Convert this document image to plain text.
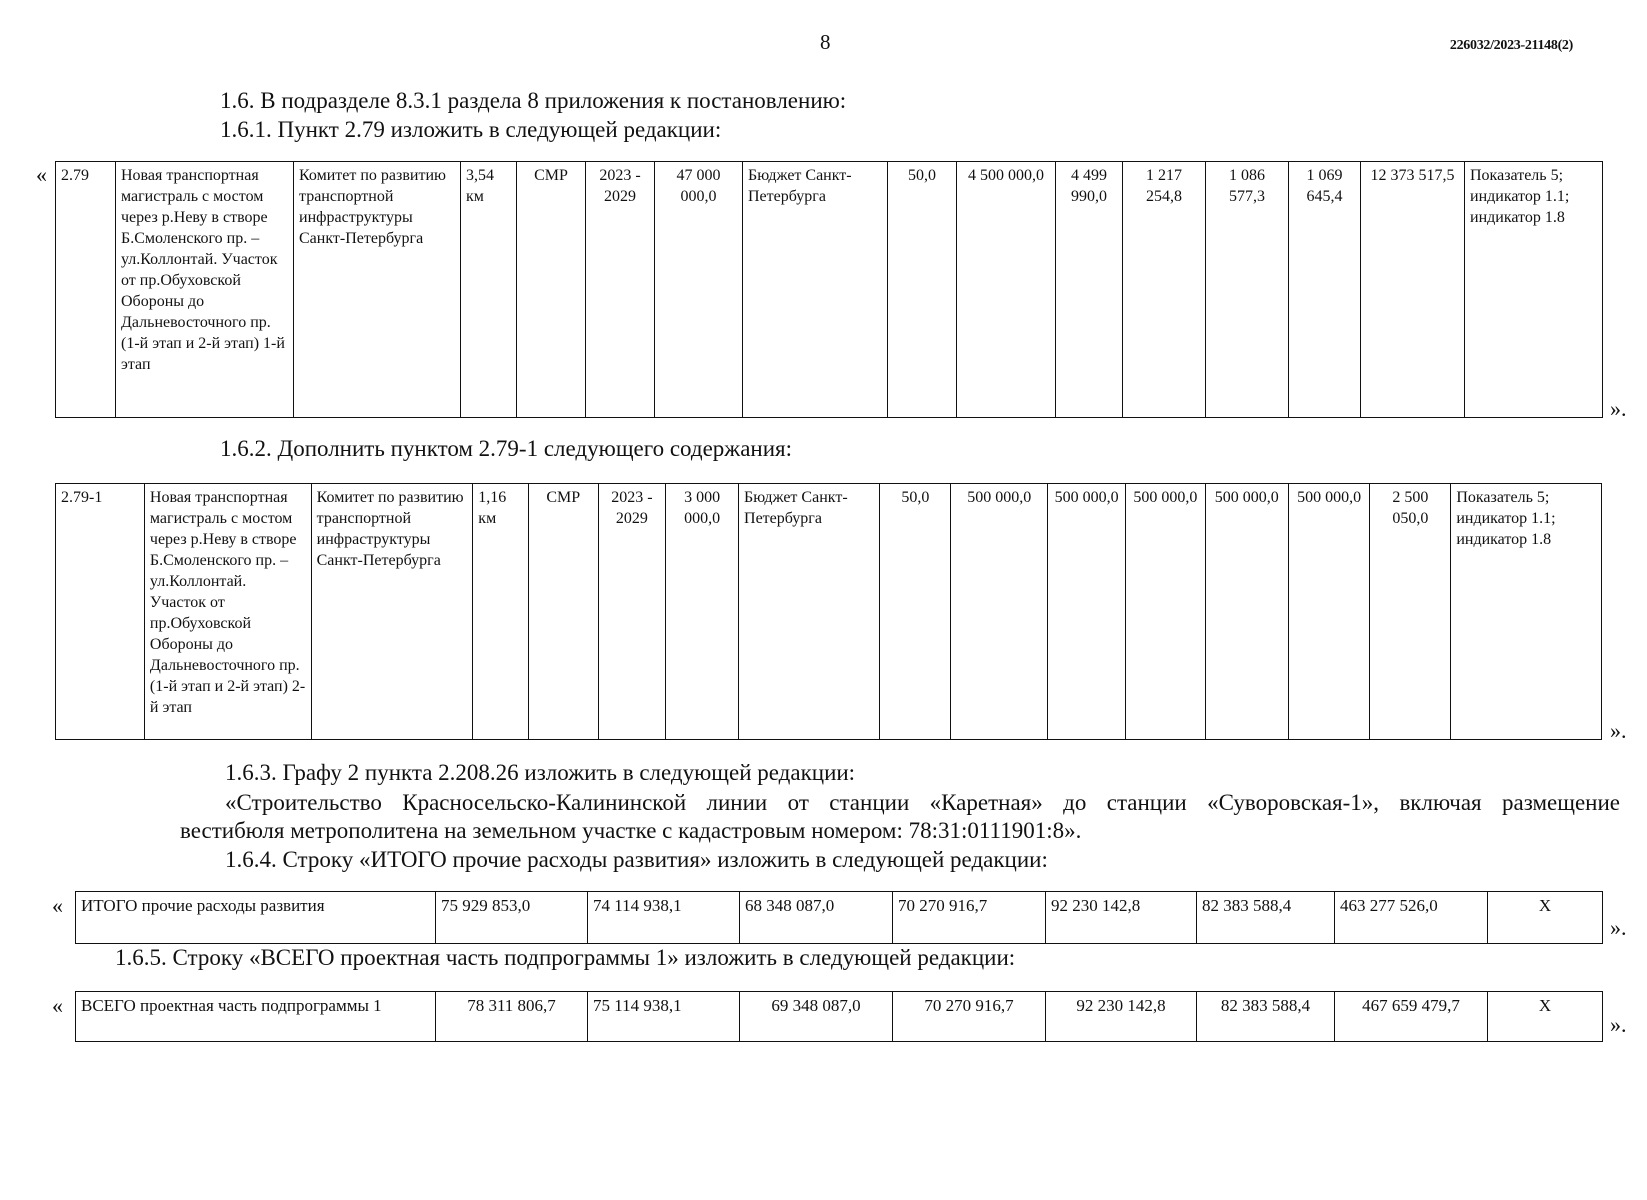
8	226032/2023-21148(2)
1.6. В подразделе 8.3.1 раздела 8 приложения к постановлению:
1.6.1. Пункт 2.79 изложить в следующей редакции:
« 2.79	Новая транспортная магистраль с мостом через р.Неву в створе Б.Смоленского пр. – ул.Коллонтай. Участок от пр.Обуховской Обороны до Дальневосточного пр. (1-й этап и 2-й этап) 1-й этап	Комитет по развитию транспортной инфраструктуры Санкт-Петербурга	3,54 км	СМР	2023 - 2029	47 000 000,0	Бюджет Санкт-Петербурга	50,0	4 500 000,0	4 499 990,0	1 217 254,8	1 086 577,3	1 069 645,4	12 373 517,5	Показатель 5; индикатор 1.1; индикатор 1.8
».
1.6.2. Дополнить пунктом 2.79-1 следующего содержания:
2.79-1	Новая транспортная магистраль с мостом через р.Неву в створе Б.Смоленского пр. – ул.Коллонтай. Участок от пр.Обуховской Обороны до Дальневосточного пр. (1-й этап и 2-й этап) 2-й этап	Комитет по развитию транспортной инфраструктуры Санкт-Петербурга	1,16 км	СМР	2023 - 2029	3 000 000,0	Бюджет Санкт-Петербурга	50,0	500 000,0	500 000,0	500 000,0	500 000,0	500 000,0	2 500 050,0	Показатель 5; индикатор 1.1; индикатор 1.8
».
1.6.3. Графу 2 пункта 2.208.26 изложить в следующей редакции:
«Строительство Красносельско-Калининской линии от станции «Каретная» до станции «Суворовская-1», включая размещение
вестибюля метрополитена на земельном участке с кадастровым номером: 78:31:0111901:8».
1.6.4. Строку «ИТОГО прочие расходы развития» изложить в следующей редакции:
« ИТОГО прочие расходы развития	75 929 853,0	74 114 938,1	68 348 087,0	70 270 916,7	92 230 142,8	82 383 588,4	463 277 526,0	Х
».
1.6.5. Строку «ВСЕГО проектная часть подпрограммы 1» изложить в следующей редакции:
« ВСЕГО проектная часть подпрограммы 1	78 311 806,7	75 114 938,1	69 348 087,0	70 270 916,7	92 230 142,8	82 383 588,4	467 659 479,7	Х
».
